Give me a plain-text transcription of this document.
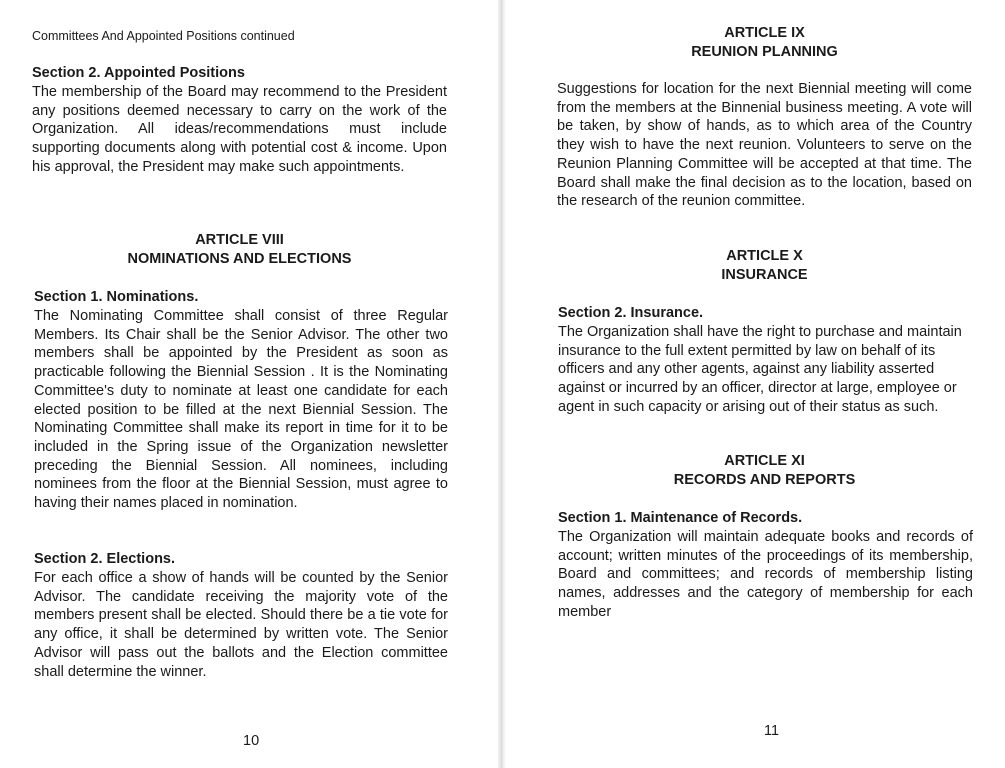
Committees And Appointed Positions continued

Section 2. Appointed Positions

The membership of the Board may recommend to the President any positions deemed necessary to carry on the work of the Organization. All ideas/recommendations must include supporting documents along with potential cost & income. Upon his approval, the President may make such appointments.

ARTICLE VIII
NOMINATIONS AND ELECTIONS

Section 1. Nominations.

The Nominating Committee shall consist of three Regular Members. Its Chair shall be the Senior Advisor. The other two members shall be appointed by the President as soon as practicable following the Biennial Session . It is the Nominating Committee's duty to nominate at least one candidate for each elected position to be filled at the next Biennial Session. The Nominating Committee shall make its report in time for it to be included in the Spring issue of the Organization newsletter preceding the Biennial Session. All nominees, including nominees from the floor at the Biennial Session, must agree to having their names placed in nomination.

Section 2. Elections.

For each office a show of hands will be counted by the Senior Advisor. The candidate receiving the majority vote of the members present shall be elected. Should there be a tie vote for any office, it shall be determined by written vote. The Senior Advisor will pass out the ballots and the Election committee shall determine the winner.

10
ARTICLE IX
REUNION PLANNING

Suggestions for location for the next Biennial meeting will come from the members at the Binnenial business meeting. A vote will be taken, by show of hands, as to which area of the Country they wish to have the next reunion. Volunteers to serve on the Reunion Planning Committee will be accepted at that time. The Board shall make the final decision as to the location, based on the research of the reunion committee.

ARTICLE X
INSURANCE

Section 2. Insurance.

The Organization shall have the right to purchase and maintain insurance to the full extent permitted by law on behalf of its officers and any other agents, against any liability asserted against or incurred by an officer, director at large, employee or agent in such capacity or arising out of their status as such.

ARTICLE XI
RECORDS AND REPORTS

Section 1. Maintenance of Records.

The Organization will maintain adequate books and records of account; written minutes of the proceedings of its membership, Board and committees; and records of membership listing names, addresses and the category of membership for each member

11
